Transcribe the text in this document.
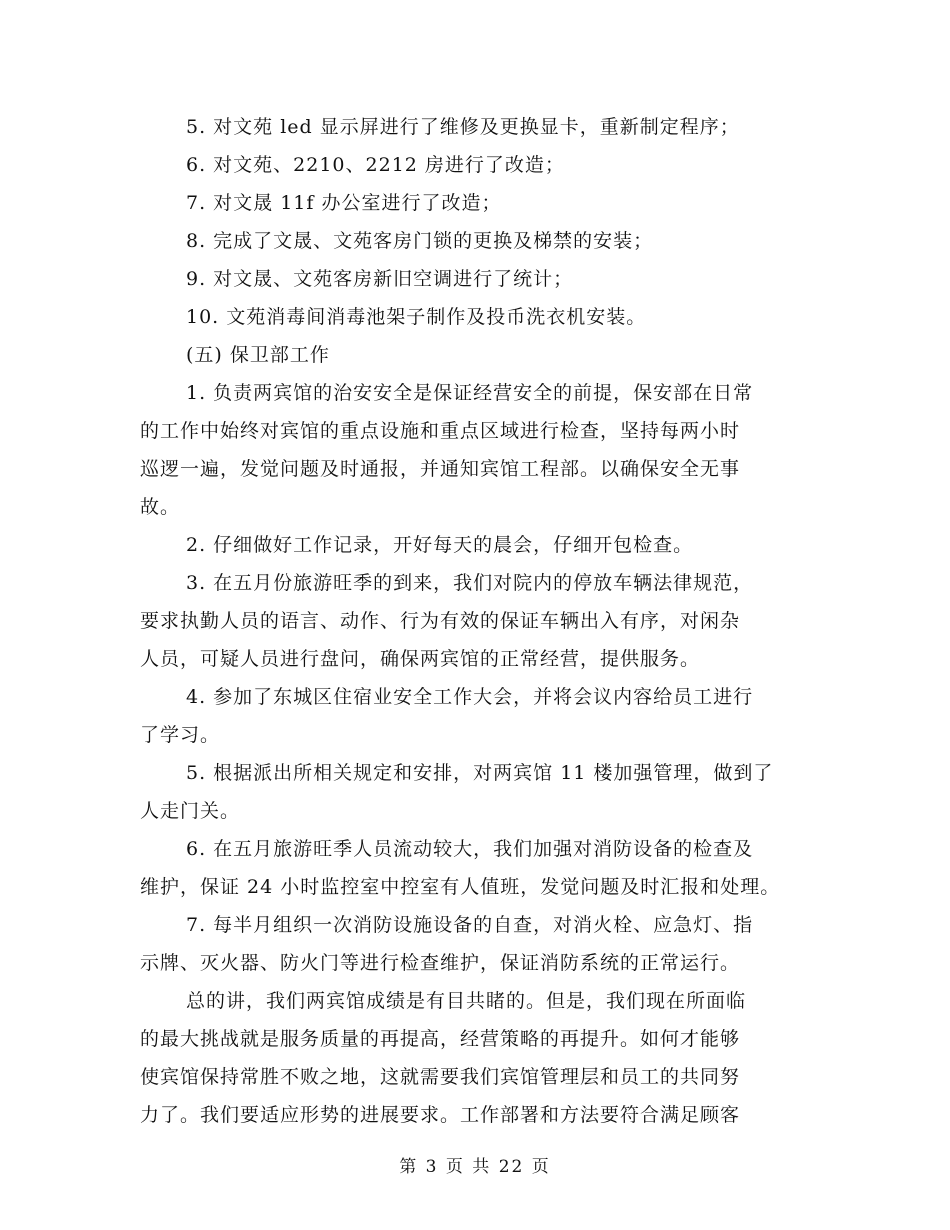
5. 对文苑 led 显示屏进行了维修及更换显卡，重新制定程序；
6. 对文苑、2210、2212 房进行了改造；
7. 对文晟 11f 办公室进行了改造；
8. 完成了文晟、文苑客房门锁的更换及梯禁的安装；
9. 对文晟、文苑客房新旧空调进行了统计；
10. 文苑消毒间消毒池架子制作及投币洗衣机安装。
(五) 保卫部工作
1. 负责两宾馆的治安安全是保证经营安全的前提，保安部在日常
的工作中始终对宾馆的重点设施和重点区域进行检查，坚持每两小时
巡逻一遍，发觉问题及时通报，并通知宾馆工程部。以确保安全无事
故。
2. 仔细做好工作记录，开好每天的晨会，仔细开包检查。
3. 在五月份旅游旺季的到来，我们对院内的停放车辆法律规范，
要求执勤人员的语言、动作、行为有效的保证车辆出入有序，对闲杂
人员，可疑人员进行盘问，确保两宾馆的正常经营，提供服务。
4. 参加了东城区住宿业安全工作大会，并将会议内容给员工进行
了学习。
5. 根据派出所相关规定和安排，对两宾馆 11 楼加强管理，做到了
人走门关。
6. 在五月旅游旺季人员流动较大，我们加强对消防设备的检查及
维护，保证 24 小时监控室中控室有人值班，发觉问题及时汇报和处理。
7. 每半月组织一次消防设施设备的自查，对消火栓、应急灯、指
示牌、灭火器、防火门等进行检查维护，保证消防系统的正常运行。
总的讲，我们两宾馆成绩是有目共睹的。但是，我们现在所面临
的最大挑战就是服务质量的再提高，经营策略的再提升。如何才能够
使宾馆保持常胜不败之地，这就需要我们宾馆管理层和员工的共同努
力了。我们要适应形势的进展要求。工作部署和方法要符合满足顾客
第 3 页 共 22 页
